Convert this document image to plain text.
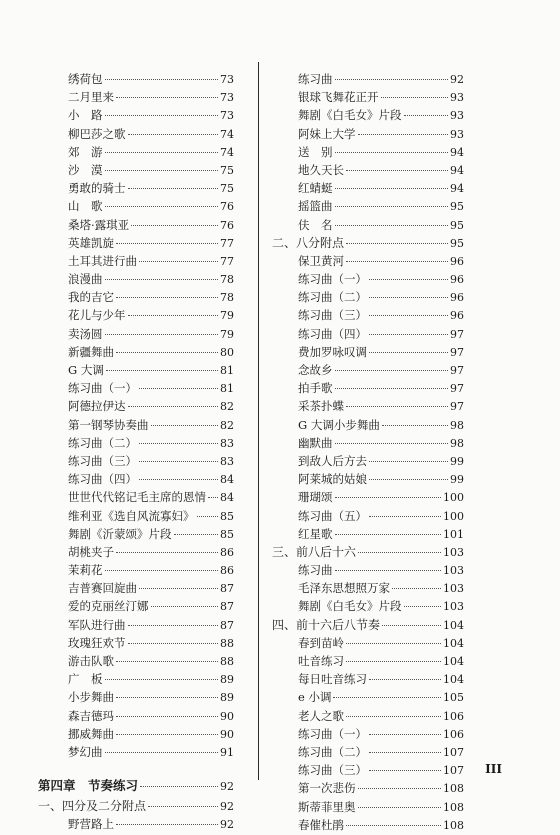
绣荷包	73
二月里来	73
小　路	73
柳巴莎之歌	74
郊　游	74
沙　漠	75
勇敢的骑士	75
山　歌	76
桑塔·露琪亚	76
英雄凯旋	77
土耳其进行曲	77
浪漫曲	78
我的吉它	78
花儿与少年	79
卖汤圆	79
新疆舞曲	80
G 大调	81
练习曲（一）	81
阿德拉伊达	82
第一钢琴协奏曲	82
练习曲（二）	83
练习曲（三）	83
练习曲（四）	84
世世代代铭记毛主席的恩情 84
维利亚《选自风流寡妇》 85
舞剧《沂蒙颂》片段	85
胡桃夹子	86
茉莉花	86
吉普赛回旋曲	87
爱的克丽丝汀娜	87
军队进行曲	87
玫瑰狂欢节	88
游击队歌	88
广　板	89
小步舞曲	89
森吉德玛	90
挪威舞曲	90
梦幻曲	91
第四章　节奏练习	92
一、四分及二分附点	92
野营路上	92
练习曲	92
银球飞舞花正开	93
舞剧《白毛女》片段	93
阿妹上大学	93
送　别	94
地久天长	94
红蜻蜓	94
摇篮曲	95
伕　名	95
二、八分附点	95
保卫黄河	96
练习曲（一）	96
练习曲（二）	96
练习曲（三）	96
练习曲（四）	97
费加罗咏叹调	97
念故乡	97
拍手歌	97
采茶扑蝶	97
G 大调小步舞曲	98
幽默曲	98
到敌人后方去	99
阿莱城的姑娘	99
珊瑚颂	100
练习曲（五）	100
红星歌	101
三、前八后十六	103
练习曲	103
毛泽东思想照万家	103
舞剧《白毛女》片段	103
四、前十六后八节奏	104
春到苗岭	104
吐音练习	104
每日吐音练习	104
e 小调	105
老人之歌	106
练习曲（一）	106
练习曲（二）	107
练习曲（三）	107
第一次悲伤	108
斯蒂菲里奥	108
春催杜鹃	108
III
